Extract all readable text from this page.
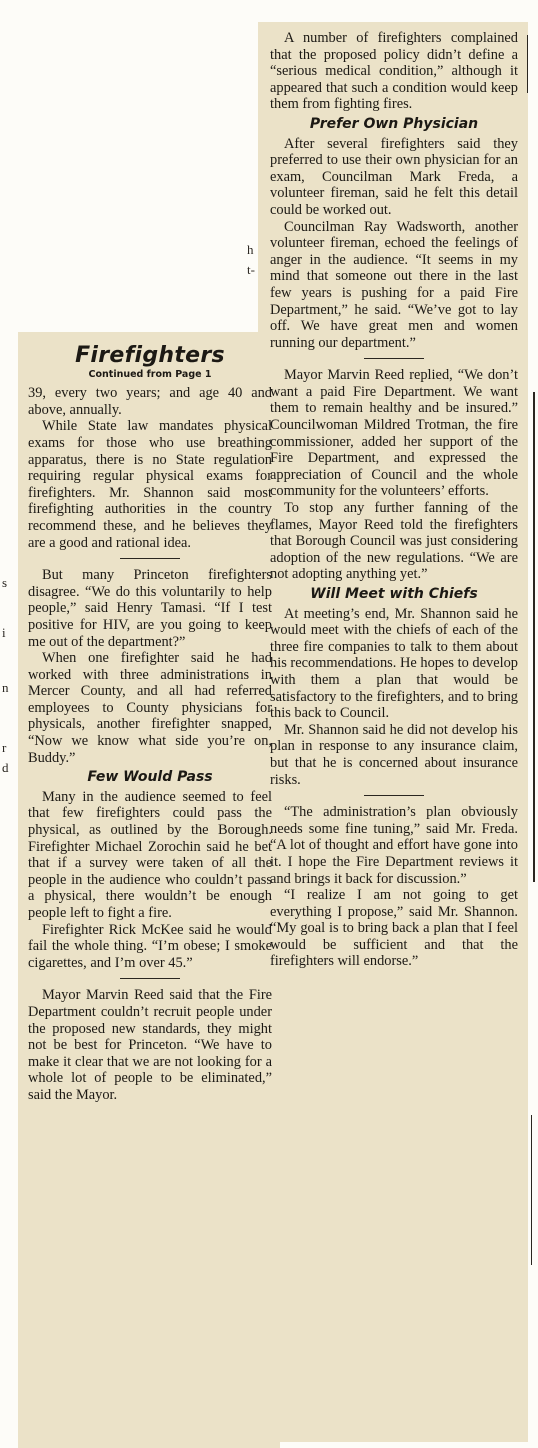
h
t-
r
d
Firefighters
Continued from Page 1

39, every two years; and age 40 and above, annually.

While State law mandates physical exams for those who use breathing apparatus, there is no State regulation requiring regular physical exams for firefighters. Mr. Shannon said most firefighting authorities in the country recommend these, and he believes they are a good and rational idea.

But many Princeton firefighters disagree. “We do this voluntarily to help people,” said Henry Tamasi. “If I test positive for HIV, are you going to keep me out of the department?”

When one firefighter said he had worked with three administrations in Mercer County, and all had referred employees to County physicians for physicals, another firefighter snapped, “Now we know what side you’re on, Buddy.”

Few Would Pass

Many in the audience seemed to feel that few firefighters could pass the physical, as outlined by the Borough. Firefighter Michael Zorochin said he bet that if a survey were taken of all the people in the audience who couldn’t pass a physical, there wouldn’t be enough people left to fight a fire.

Firefighter Rick McKee said he would fail the whole thing. “I’m obese; I smoke cigarettes, and I’m over 45.”

Mayor Marvin Reed said that the Fire Department couldn’t recruit people under the proposed new standards, they might not be best for Princeton. “We have to make it clear that we are not looking for a whole lot of people to be eliminated,” said the Mayor.

A number of firefighters complained that the proposed policy didn’t define a “serious medical condition,” although it appeared that such a condition would keep them from fighting fires.

Prefer Own Physician

After several firefighters said they preferred to use their own physician for an exam, Councilman Mark Freda, a volunteer fireman, said he felt this detail could be worked out.

Councilman Ray Wadsworth, another volunteer fireman, echoed the feelings of anger in the audience. “It seems in my mind that someone out there in the last few years is pushing for a paid Fire Department,” he said. “We’ve got to lay off. We have great men and women running our department.”

Mayor Marvin Reed replied, “We don’t want a paid Fire Department. We want them to remain healthy and be insured.” Councilwoman Mildred Trotman, the fire commissioner, added her support of the Fire Department, and expressed the appreciation of Council and the whole community for the volunteers’ efforts.

To stop any further fanning of the flames, Mayor Reed told the firefighters that Borough Council was just considering adoption of the new regulations. “We are not adopting anything yet.”

Will Meet with Chiefs

At meeting’s end, Mr. Shannon said he would meet with the chiefs of each of the three fire companies to talk to them about his recommendations. He hopes to develop with them a plan that would be satisfactory to the firefighters, and to bring this back to Council.

Mr. Shannon said he did not develop his plan in response to any insurance claim, but that he is concerned about insurance risks.

“The administration’s plan obviously needs some fine tuning,” said Mr. Freda. “A lot of thought and effort have gone into it. I hope the Fire Department reviews it and brings it back for discussion.”

“I realize I am not going to get everything I propose,” said Mr. Shannon. “My goal is to bring back a plan that I feel would be sufficient and that the firefighters will endorse.”

i
s
n
